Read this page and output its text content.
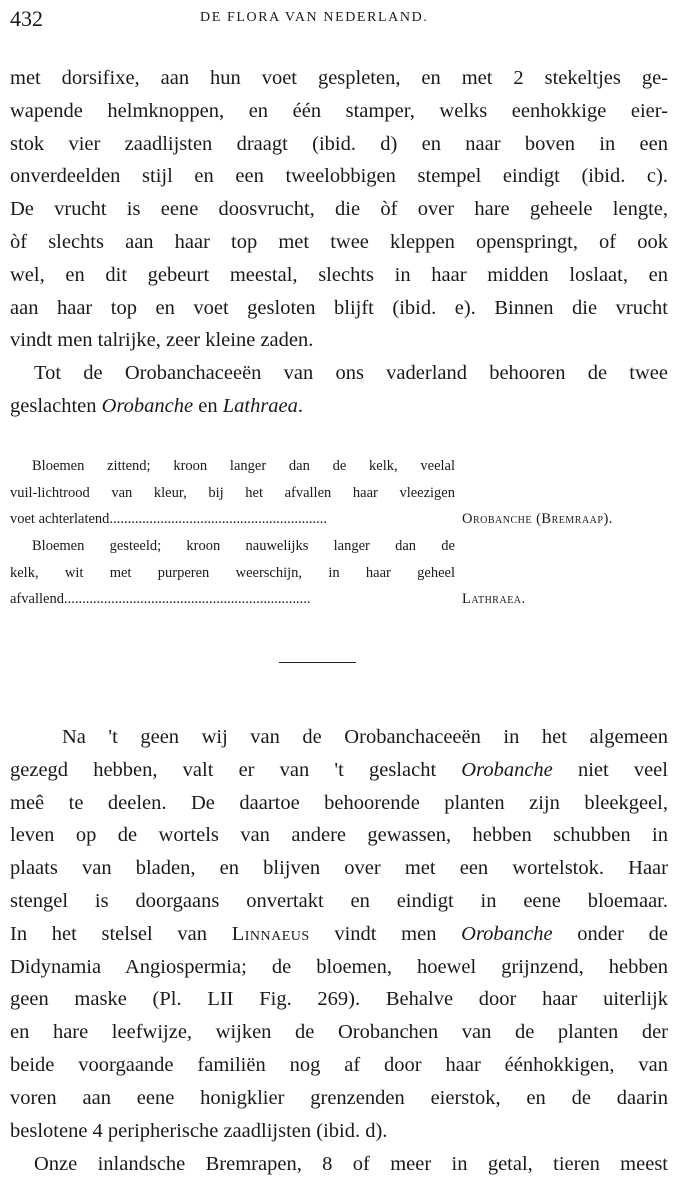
432	DE FLORA VAN NEDERLAND.
met dorsifixe, aan hun voet gespleten, en met 2 stekeltjes ge-
wapende helmknoppen, en één stamper, welks eenhokkige eier-
stok vier zaadlijsten draagt (ibid. d) en naar boven in een
onverdeelden stijl en een tweelobbigen stempel eindigt (ibid. c).
De vrucht is eene doosvrucht, die òf over hare geheele lengte,
òf slechts aan haar top met twee kleppen openspringt, of ook
wel, en dit gebeurt meestal, slechts in haar midden loslaat, en
aan haar top en voet gesloten blijft (ibid. e). Binnen die vrucht
vindt men talrijke, zeer kleine zaden.
Tot de Orobanchaceeën van ons vaderland behooren de twee
geslachten Orobanche en Lathraea.
Bloemen zittend; kroon langer dan de kelk, veelal
vuil-lichtrood van kleur, bij het afvallen haar vleezigen
voet achterlatend............................................................	Orobanche (Bremraap).
Bloemen gesteeld; kroon nauwelijks langer dan de
kelk, wit met purperen weerschijn, in haar geheel
afvallend....................................................................	Lathraea.
Na 't geen wij van de Orobanchaceeën in het algemeen
gezegd hebben, valt er van 't geslacht Orobanche niet veel
meê te deelen. De daartoe behoorende planten zijn bleekgeel,
leven op de wortels van andere gewassen, hebben schubben in
plaats van bladen, en blijven over met een wortelstok. Haar
stengel is doorgaans onvertakt en eindigt in eene bloemaar.
In het stelsel van Linnaeus vindt men Orobanche onder de
Didynamia Angiospermia; de bloemen, hoewel grijnzend, hebben
geen maske (Pl. LII Fig. 269). Behalve door haar uiterlijk
en hare leefwijze, wijken de Orobanchen van de planten der
beide voorgaande familiën nog af door haar éénhokkigen, van
voren aan eene honigklier grenzenden eierstok, en de daarin
beslotene 4 peripherische zaadlijsten (ibid. d).
Onze inlandsche Bremrapen, 8 of meer in getal, tieren meest
